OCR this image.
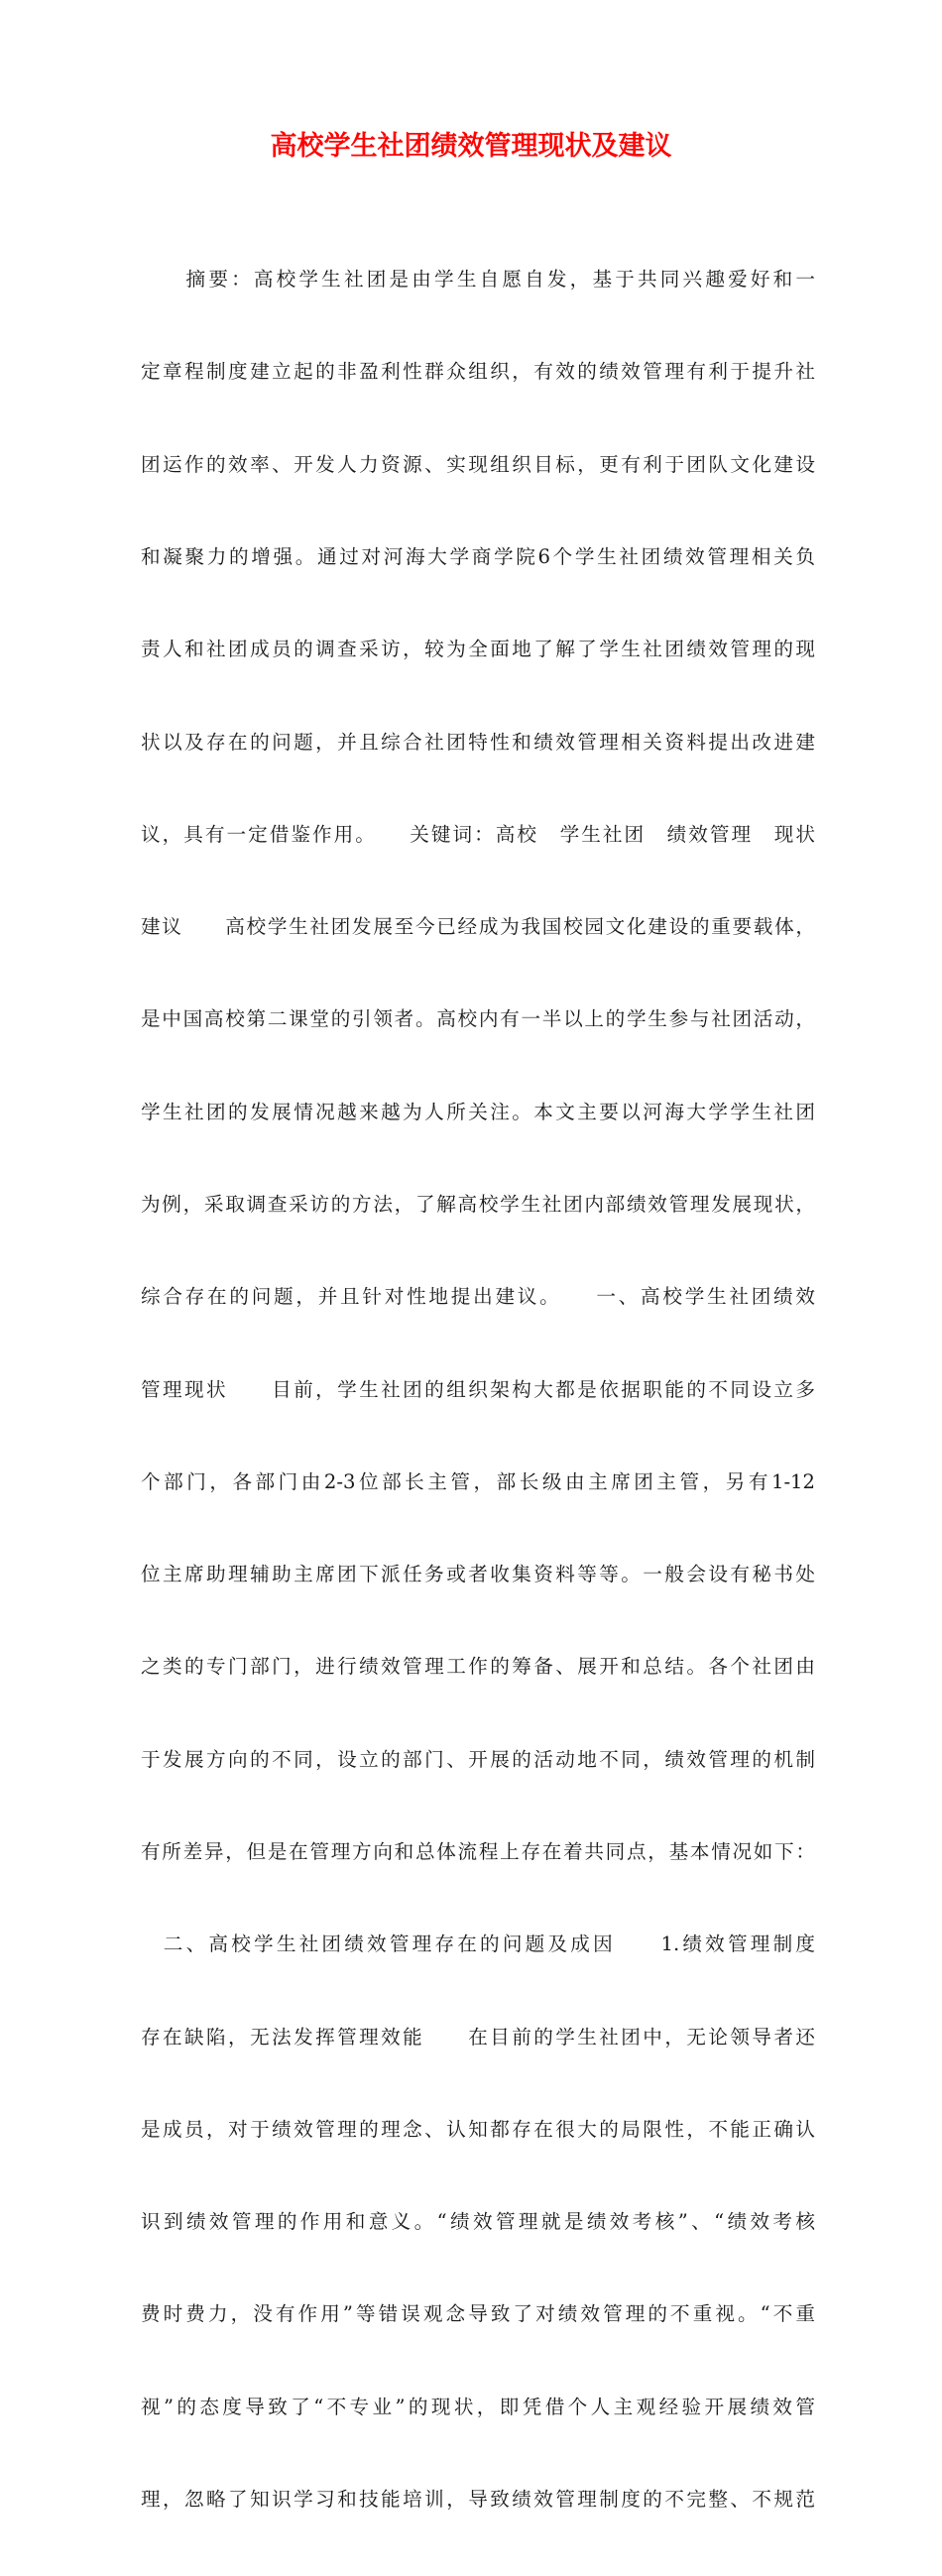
高校学生社团绩效管理现状及建议

　　摘要：高校学生社团是由学生自愿自发，基于共同兴趣爱好和一

定章程制度建立起的非盈利性群众组织，有效的绩效管理有利于提升社

团运作的效率、开发人力资源、实现组织目标，更有利于团队文化建设

和凝聚力的增强。通过对河海大学商学院6个学生社团绩效管理相关负

责人和社团成员的调查采访，较为全面地了解了学生社团绩效管理的现

状以及存在的问题，并且综合社团特性和绩效管理相关资料提出改进建

议，具有一定借鉴作用。　　关键词：高校　学生社团　绩效管理　现状

建议　　高校学生社团发展至今已经成为我国校园文化建设的重要载体，

是中国高校第二课堂的引领者。高校内有一半以上的学生参与社团活动，

学生社团的发展情况越来越为人所关注。本文主要以河海大学学生社团

为例，采取调查采访的方法，了解高校学生社团内部绩效管理发展现状，

综合存在的问题，并且针对性地提出建议。　　一、高校学生社团绩效

管理现状　　目前，学生社团的组织架构大都是依据职能的不同设立多

个部门，各部门由2-3位部长主管，部长级由主席团主管，另有1-12

位主席助理辅助主席团下派任务或者收集资料等等。一般会设有秘书处

之类的专门部门，进行绩效管理工作的筹备、展开和总结。各个社团由

于发展方向的不同，设立的部门、开展的活动地不同，绩效管理的机制

有所差异，但是在管理方向和总体流程上存在着共同点，基本情况如下：

　二、高校学生社团绩效管理存在的问题及成因　　1.绩效管理制度

存在缺陷，无法发挥管理效能　　在目前的学生社团中，无论领导者还

是成员，对于绩效管理的理念、认知都存在很大的局限性，不能正确认

识到绩效管理的作用和意义。“绩效管理就是绩效考核”、“绩效考核

费时费力，没有作用”等错误观念导致了对绩效管理的不重视。“不重

视”的态度导致了“不专业”的现状，即凭借个人主观经验开展绩效管

理，忽略了知识学习和技能培训，导致绩效管理制度的不完整、不规范
